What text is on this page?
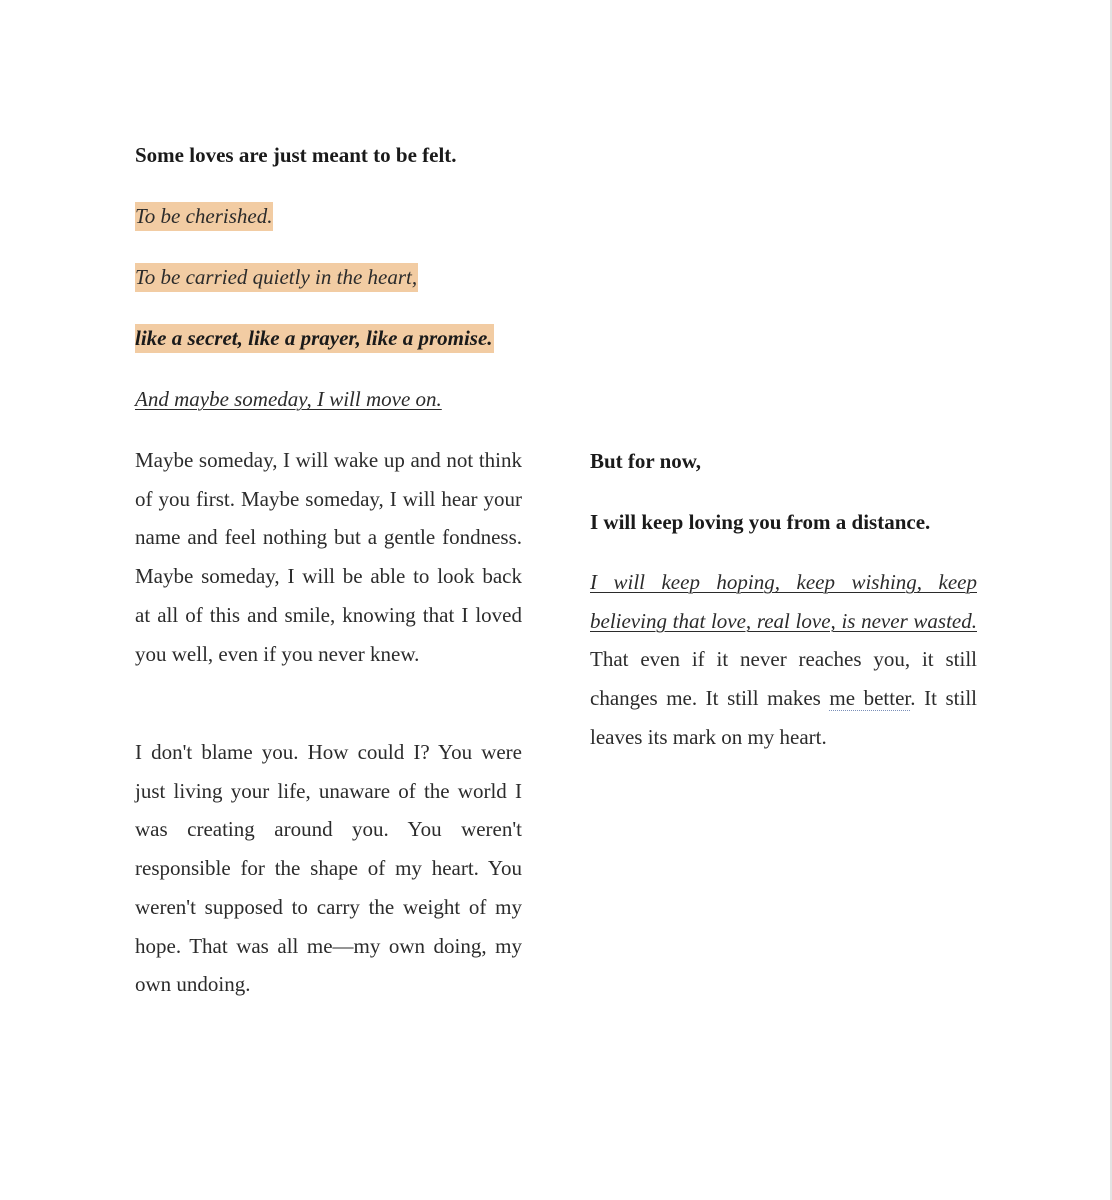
Some loves are just meant to be felt.
To be cherished.
To be carried quietly in the heart,
like a secret, like a prayer, like a promise.
And maybe someday, I will move on.
Maybe someday, I will wake up and not think of you first. Maybe someday, I will hear your name and feel nothing but a gentle fondness. Maybe someday, I will be able to look back at all of this and smile, knowing that I loved you well, even if you never knew.
I don't blame you. How could I? You were just living your life, unaware of the world I was creating around you. You weren't responsible for the shape of my heart. You weren't supposed to carry the weight of my hope. That was all me—my own doing, my own undoing.
But for now,
I will keep loving you from a distance.
I will keep hoping, keep wishing, keep believing that love, real love, is never wasted. That even if it never reaches you, it still changes me. It still makes me better. It still leaves its mark on my heart.
